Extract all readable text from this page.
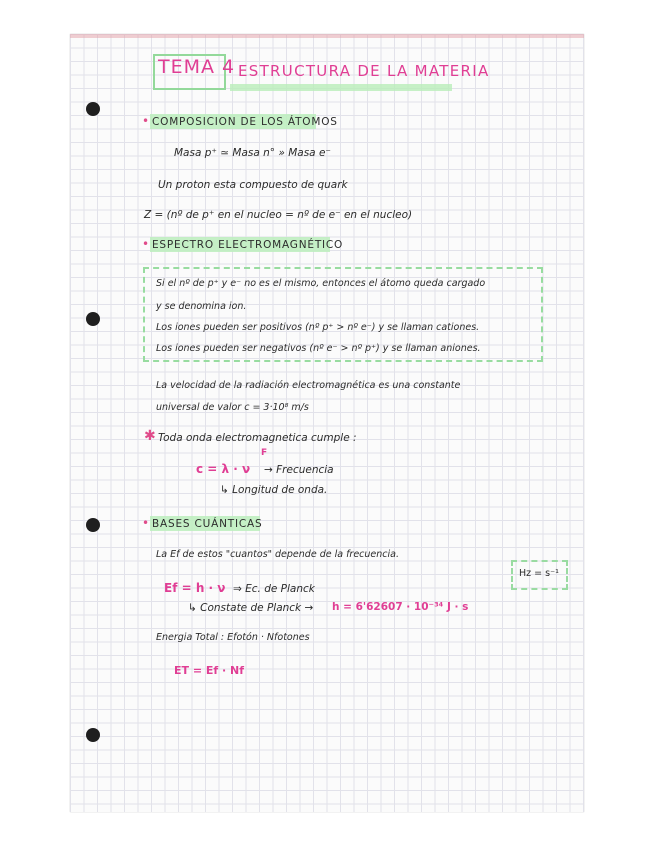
TEMA 4 ESTRUCTURA DE LA MATERIA
• COMPOSICION DE LOS ÁTOMOS
Masa p⁺ ≃ Masa n° » Masa e⁻
Un proton esta compuesto de quark
Z = (nº de p⁺ en el nucleo = nº de e⁻ en el nucleo)
• ESPECTRO ELECTROMAGNÉTICO
Si el nº de p⁺ y e⁻ no es el mismo, entonces el átomo queda cargado
y se denomina ion.
Los iones pueden ser positivos (nº p⁺ > nº e⁻) y se llaman cationes.
Los iones pueden ser negativos (nº e⁻ > nº p⁺) y se llaman aniones.
La velocidad de la radiación electromagnética es una constante
universal de valor c = 3·10⁸ m/s
✱ Toda onda electromagnetica cumple :
c = λ · ν
F
→ Frecuencia
↳ Longitud de onda.
• BASES CUÁNTICAS
La Ef de estos "cuantos" depende de la frecuencia.
Hz = s⁻¹
Ef = h · ν ⇒ Ec. de Planck
↳ Constate de Planck → h = 6'62607 · 10⁻³⁴ J · s
Energia Total : Efotón · Nfotones
ET = Ef · Nf
